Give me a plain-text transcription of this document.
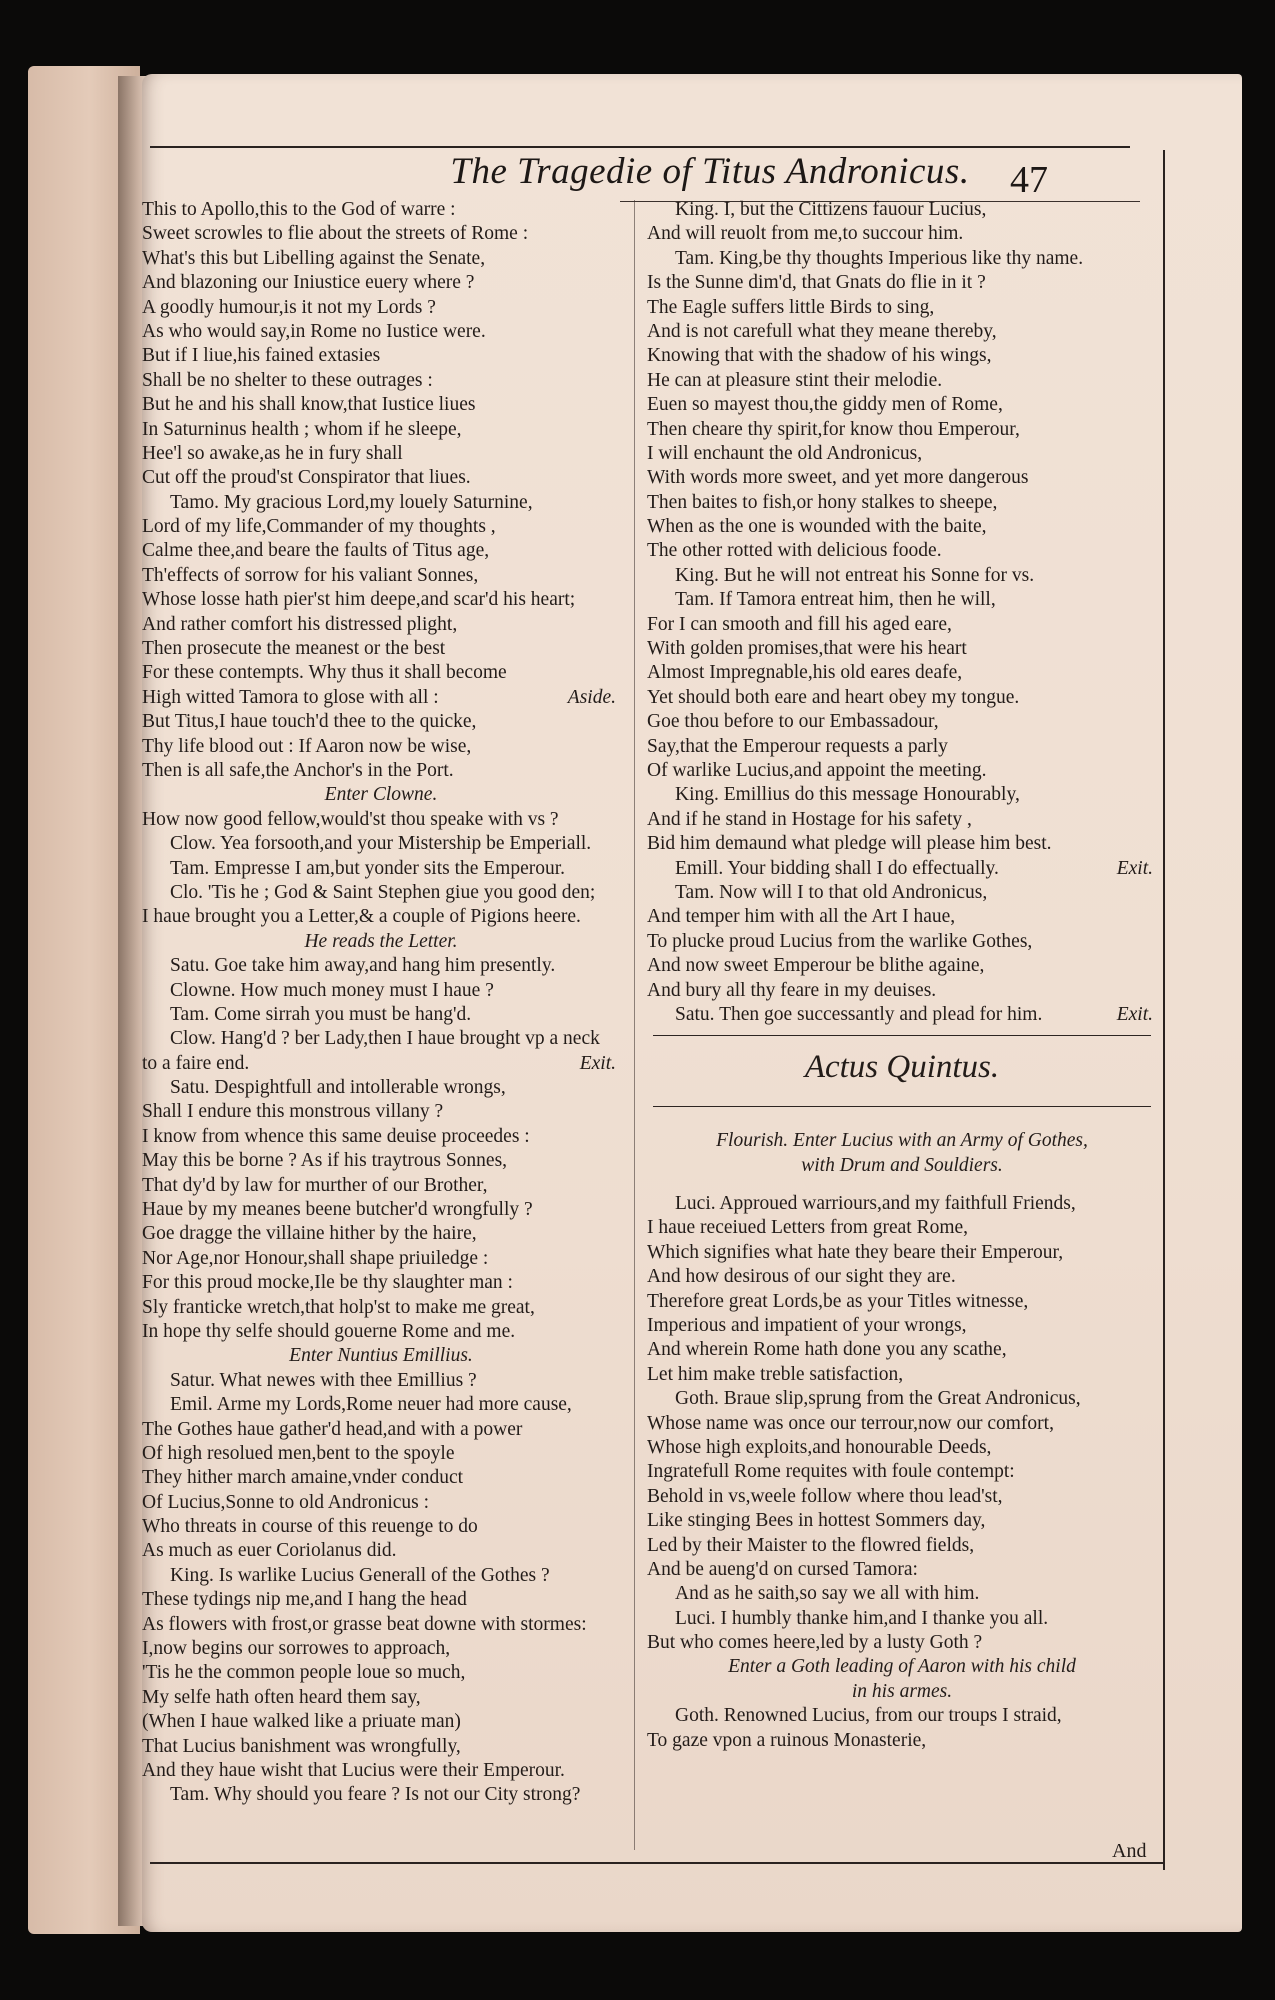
The Tragedie of Titus Andronicus.	47
This to Apollo,this to the God of warre :
Sweet scrowles to flie about the streets of Rome :
What's this but Libelling against the Senate,
And blazoning our Iniustice euery where ?
A goodly humour,is it not my Lords ?
As who would say,in Rome no Iustice were.
But if I liue,his fained extasies
Shall be no shelter to these outrages :
But he and his shall know,that Iustice liues
In Saturninus health ; whom if he sleepe,
Hee'l so awake,as he in fury shall
Cut off the proud'st Conspirator that liues.
Tamo. My gracious Lord,my louely Saturnine,
Lord of my life,Commander of my thoughts ,
Calme thee,and beare the faults of Titus age,
Th'effects of sorrow for his valiant Sonnes,
Whose losse hath pier'st him deepe,and scar'd his heart;
And rather comfort his distressed plight,
Then prosecute the meanest or the best
For these contempts. Why thus it shall become
High witted Tamora to glose with all :	Aside.
But Titus,I haue touch'd thee to the quicke,
Thy life blood out : If Aaron now be wise,
Then is all safe,the Anchor's in the Port.
Enter Clowne.
How now good fellow,would'st thou speake with vs ?
Clow. Yea forsooth,and your Mistership be Emperiall.
Tam. Empresse I am,but yonder sits the Emperour.
Clo. 'Tis he ; God & Saint Stephen giue you good den;
I haue brought you a Letter,& a couple of Pigions heere.
He reads the Letter.
Satu. Goe take him away,and hang him presently.
Clowne. How much money must I haue ?
Tam. Come sirrah you must be hang'd.
Clow. Hang'd ? ber Lady,then I haue brought vp a neck
to a faire end.	Exit.
Satu. Despightfull and intollerable wrongs,
Shall I endure this monstrous villany ?
I know from whence this same deuise proceedes :
May this be borne ? As if his traytrous Sonnes,
That dy'd by law for murther of our Brother,
Haue by my meanes beene butcher'd wrongfully ?
Goe dragge the villaine hither by the haire,
Nor Age,nor Honour,shall shape priuiledge :
For this proud mocke,Ile be thy slaughter man :
Sly franticke wretch,that holp'st to make me great,
In hope thy selfe should gouerne Rome and me.
Enter Nuntius Emillius.
Satur. What newes with thee Emillius ?
Emil. Arme my Lords,Rome neuer had more cause,
The Gothes haue gather'd head,and with a power
Of high resolued men,bent to the spoyle
They hither march amaine,vnder conduct
Of Lucius,Sonne to old Andronicus :
Who threats in course of this reuenge to do
As much as euer Coriolanus did.
King. Is warlike Lucius Generall of the Gothes ?
These tydings nip me,and I hang the head
As flowers with frost,or grasse beat downe with stormes:
I,now begins our sorrowes to approach,
'Tis he the common people loue so much,
My selfe hath often heard them say,
(When I haue walked like a priuate man)
That Lucius banishment was wrongfully,
And they haue wisht that Lucius were their Emperour.
Tam. Why should you feare ? Is not our City strong?
King. I, but the Cittizens fauour Lucius,
And will reuolt from me,to succour him.
Tam. King,be thy thoughts Imperious like thy name.
Is the Sunne dim'd, that Gnats do flie in it ?
The Eagle suffers little Birds to sing,
And is not carefull what they meane thereby,
Knowing that with the shadow of his wings,
He can at pleasure stint their melodie.
Euen so mayest thou,the giddy men of Rome,
Then cheare thy spirit,for know thou Emperour,
I will enchaunt the old Andronicus,
With words more sweet, and yet more dangerous
Then baites to fish,or hony stalkes to sheepe,
When as the one is wounded with the baite,
The other rotted with delicious foode.
King. But he will not entreat his Sonne for vs.
Tam. If Tamora entreat him, then he will,
For I can smooth and fill his aged eare,
With golden promises,that were his heart
Almost Impregnable,his old eares deafe,
Yet should both eare and heart obey my tongue.
Goe thou before to our Embassadour,
Say,that the Emperour requests a parly
Of warlike Lucius,and appoint the meeting.
King. Emillius do this message Honourably,
And if he stand in Hostage for his safety ,
Bid him demaund what pledge will please him best.
Emill. Your bidding shall I do effectually.	Exit.
Tam. Now will I to that old Andronicus,
And temper him with all the Art I haue,
To plucke proud Lucius from the warlike Gothes,
And now sweet Emperour be blithe againe,
And bury all thy feare in my deuises.
Satu. Then goe successantly and plead for him.	Exit.
Actus Quintus.
Flourish. Enter Lucius with an Army of Gothes,
with Drum and Souldiers.
Luci. Approued warriours,and my faithfull Friends,
I haue receiued Letters from great Rome,
Which signifies what hate they beare their Emperour,
And how desirous of our sight they are.
Therefore great Lords,be as your Titles witnesse,
Imperious and impatient of your wrongs,
And wherein Rome hath done you any scathe,
Let him make treble satisfaction,
Goth. Braue slip,sprung from the Great Andronicus,
Whose name was once our terrour,now our comfort,
Whose high exploits,and honourable Deeds,
Ingratefull Rome requites with foule contempt:
Behold in vs,weele follow where thou lead'st,
Like stinging Bees in hottest Sommers day,
Led by their Maister to the flowred fields,
And be aueng'd on cursed Tamora:
And as he saith,so say we all with him.
Luci. I humbly thanke him,and I thanke you all.
But who comes heere,led by a lusty Goth ?
Enter a Goth leading of Aaron with his child
in his armes.
Goth. Renowned Lucius, from our troups I straid,
To gaze vpon a ruinous Monasterie,
And
